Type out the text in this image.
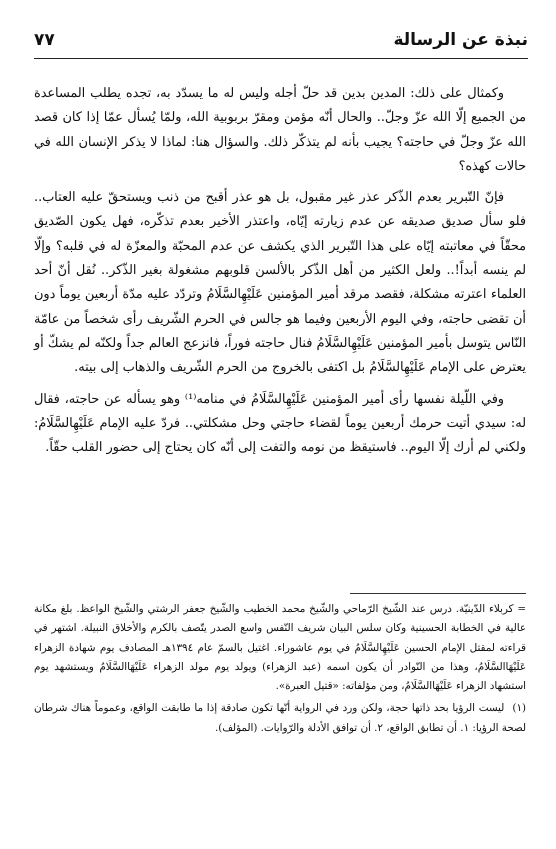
نبذة عن الرسالة
٧٧

وكمثال على ذلك: المدين بدين قد حلّ أجله وليس له ما يسدّد به، تجده يطلب المساعدة من الجميع إلّا الله عزّ وجلّ.. والحال أنّه مؤمن ومقرّ بربوبية الله، ولمّا يُسأل عمّا إذا كان قصد الله عزّ وجلّ في حاجته؟ يجيب بأنه لم يتذكّر ذلك. والسؤال هنا: لماذا لا يذكر الإنسان الله في حالات كهذه؟

فإنّ التّبرير بعدم الذّكر عذر غير مقبول، بل هو عذر أقبح من ذنب ويستحقّ عليه العتاب.. فلو سأل صديق صديقه عن عدم زيارته إيّاه، واعتذر الأخير بعدم تذكّره، فهل يكون الصّديق محقّاً في معاتبته إيّاه على هذا التّبرير الذي يكشف عن عدم المحبّة والمعزّة له في قلبه؟ وإلّا لم ينسه أبداً!.. ولعل الكثير من أهل الذّكر بالألسن قلوبهم مشغولة بغير الذّكر.. نُقل أنّ أحد العلماء اعترته مشكلة، فقصد مرقد أمير المؤمنين عَلَيْهِالسَّلَامُ وتردّد عليه مدّة أربعين يوماً دون أن تقضى حاجته، وفي اليوم الأربعين وفيما هو جالس في الحرم الشّريف رأى شخصاً من عامّة النّاس يتوسل بأمير المؤمنين عَلَيْهِالسَّلَامُ فنال حاجته فوراً، فانزعج العالم جداً ولكنّه لم يشكّ أو يعترض على الإمام عَلَيْهِالسَّلَامُ بل اكتفى بالخروج من الحرم الشّريف والذهاب إلى بيته.

وفي اللّيلة نفسها رأى أمير المؤمنين عَلَيْهِالسَّلَامُ في منامه⁽¹⁾ وهو يسأله عن حاجته، فقال له: سيدي أتيت حرمك أربعين يوماً لقضاء حاجتي وحل مشكلتي.. فردّ عليه الإمام عَلَيْهِالسَّلَامُ: ولكني لم أرك إلّا اليوم.. فاستيقظ من نومه والتفت إلى أنّه كان يحتاج إلى حضور القلب حقّاً.

= كربلاء الدّينيّة. درس عند الشّيخ الرّماحي والشّيخ محمد الخطيب والشّيخ جعفر الرشتي والشّيخ الواعظ. بلغ مكانة عالية في الخطابة الحسينية وكان سلس البيان شريف النّفس واسع الصدر يتّصف بالكرم والأخلاق النبيلة. اشتهر في قراءته لمقتل الإمام الحسين عَلَيْهِالسَّلَامُ في يوم عاشوراء. اغتيل بالسمّ عام ١٣٩٤هـ المصادف يوم شهادة الزهراء عَلَيْهَاالسَّلَامُ، وهذا من النّوادر أن يكون اسمه (عبد الزهراء) ويولد يوم مولد الزهراء عَلَيْهَاالسَّلَامُ ويستشهد يوم استشهاد الزهراء عَلَيْهَاالسَّلَامُ، ومن مؤلفاته: «قتيل العبرة».

(١) ليست الرؤيا بحد ذاتها حجة، ولكن ورد في الرواية أنّها تكون صادقة إذا ما طابقت الواقع، وعموماً هناك شرطان لصحة الرؤيا: ١. أن تطابق الواقع، ٢. أن توافق الأدلة والرّوايات. (المؤلف).
